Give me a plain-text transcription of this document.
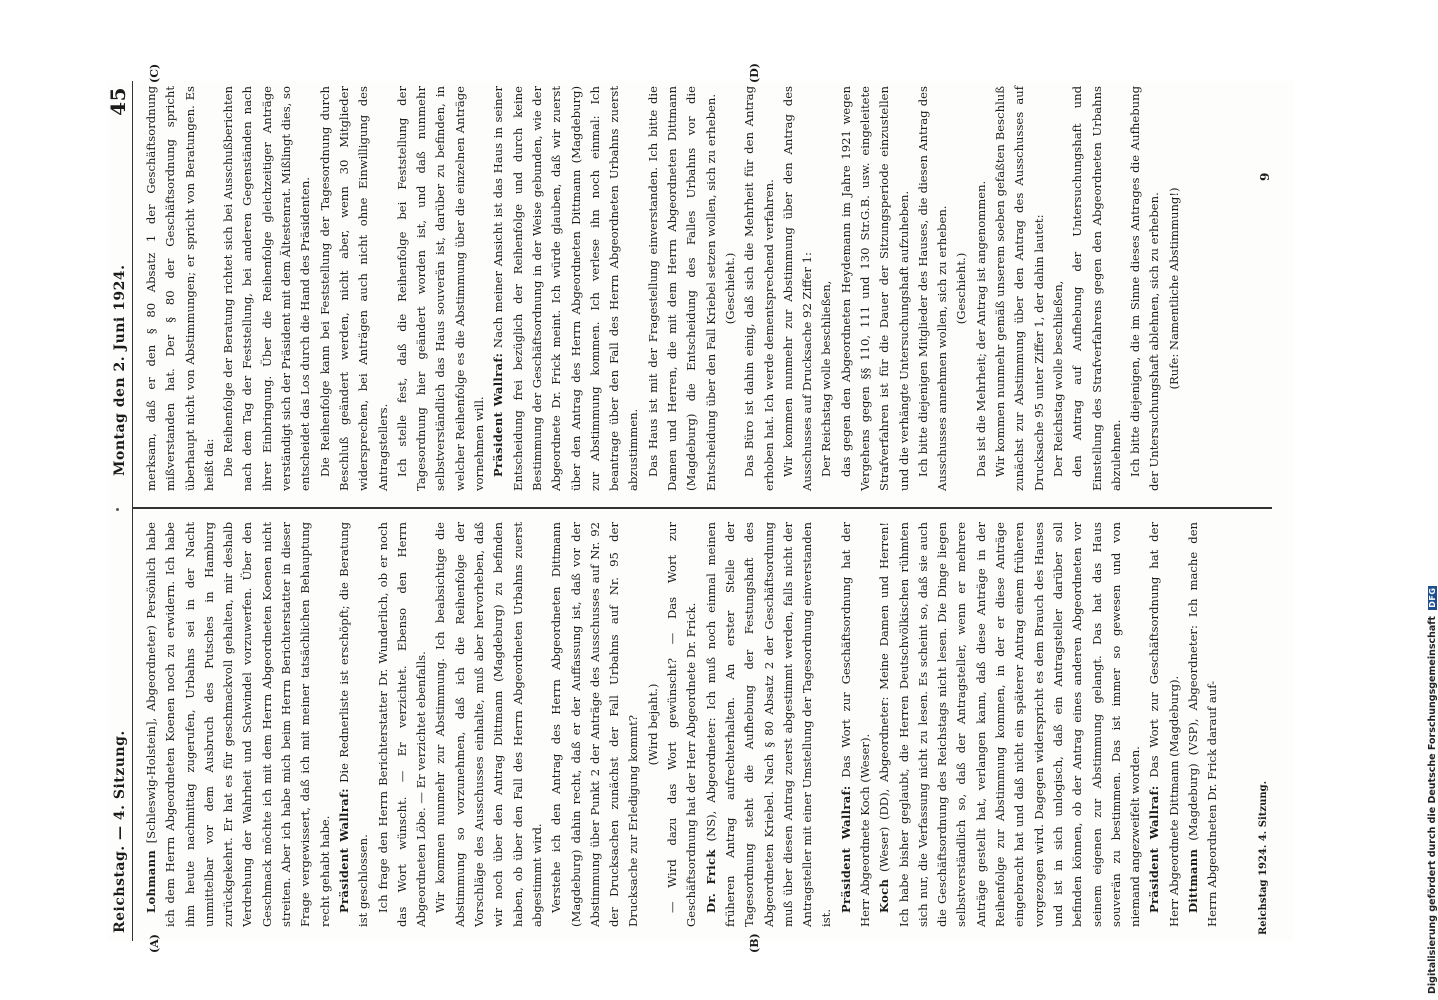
Reichstag. — 4. Sitzung.
Montag den 2. Juni 1924.
45
(A)	(B)
(C)	(D)

Lohmann [Schleswig-Holstein], Abgeordneter) Persönlich habe ich dem Herrn Abgeordneten Koenen noch zu erwidern. Ich habe ihm heute nachmittag zugerufen, Urbahns sei in der Nacht unmittelbar vor dem Ausbruch des Putsches in Hamburg zurückgekehrt. Er hat es für geschmackvoll gehalten, mir deshalb Verdrehung der Wahrheit und Schwindel vorzuwerfen. Über den Geschmack möchte ich mit dem Herrn Abgeordneten Koenen nicht streiten. Aber ich habe mich beim Herrn Berichterstatter in dieser Frage vergewissert, daß ich mit meiner tatsächlichen Behauptung recht gehabt habe. Präsident Wallraf: Die Rednerliste ist erschöpft; die Beratung ist geschlossen. Ich frage den Herrn Berichterstatter Dr. Wunderlich, ob er noch das Wort wünscht. — Er verzichtet. Ebenso den Herrn Abgeordneten Löbe. — Er verzichtet ebenfalls. Wir kommen nunmehr zur Abstimmung. Ich beabsichtige die Abstimmung so vorzunehmen, daß ich die Reihenfolge der Vorschläge des Ausschusses einhalte, muß aber hervorheben, daß wir noch über den Antrag Dittmann (Magdeburg) zu befinden haben, ob über den Fall des Herrn Abgeordneten Urbahns zuerst abgestimmt wird. Verstehe ich den Antrag des Herrn Abgeordneten Dittmann (Magdeburg) dahin recht, daß er der Auffassung ist, daß vor der Abstimmung über Punkt 2 der Anträge des Ausschusses auf Nr. 92 der Drucksachen zunächst der Fall Urbahns auf Nr. 95 der Drucksache zur Erledigung kommt? (Wird bejaht.) — Wird dazu das Wort gewünscht? — Das Wort zur Geschäftsordnung hat der Herr Abgeordnete Dr. Frick. Dr. Frick (NS), Abgeordneter: Ich muß noch einmal meinen früheren Antrag aufrechterhalten. An erster Stelle der Tagesordnung steht die Aufhebung der Festungshaft des Abgeordneten Kriebel. Nach § 80 Absatz 2 der Geschäftsordnung muß über diesen Antrag zuerst abgestimmt werden, falls nicht der Antragsteller mit einer Umstellung der Tagesordnung einverstanden ist.

Präsident Wallraf: Das Wort zur Geschäftsordnung hat der Herr Abgeordnete Koch (Weser). Koch (Weser) (DD), Abgeordneter: Meine Damen und Herren! Ich habe bisher geglaubt, die Herren Deutschvölkischen rühmten sich nur, die Verfassung nicht zu lesen. Es scheint so, daß sie auch die Geschäftsordnung des Reichstags nicht lesen. Die Dinge liegen selbstverständlich so, daß der Antragsteller, wenn er mehrere Anträge gestellt hat, verlangen kann, daß diese Anträge in der Reihenfolge zur Abstimmung kommen, in der er diese Anträge eingebracht hat und daß nicht ein späterer Antrag einem früheren vorgezogen wird. Dagegen widerspricht es dem Brauch des Hauses und ist in sich unlogisch, daß ein Antragsteller darüber soll befinden können, ob der Antrag eines anderen Abgeordneten vor seinem eigenen zur Abstimmung gelangt. Das hat das Haus souverän zu bestimmen. Das ist immer so gewesen und von niemand angezweifelt worden. Präsident Wallraf: Das Wort zur Geschäftsordnung hat der Herr Abgeordnete Dittmann (Magdeburg). Dittmann (Magdeburg) (VSP), Abgeordneter: Ich mache den Herrn Abgeordneten Dr. Frick darauf auf-

merksam, daß er den § 80 Absatz 1 der Geschäftsordnung mißverstanden hat. Der § 80 der Geschäftsordnung spricht überhaupt nicht von Abstimmungen; er spricht von Beratungen. Es heißt da: Die Reihenfolge der Beratung richtet sich bei Ausschußberichten nach dem Tag der Feststellung, bei anderen Gegenständen nach ihrer Einbringung. Über die Reihenfolge gleichzeitiger Anträge verständigt sich der Präsident mit dem Ältestenrat. Mißlingt dies, so entscheidet das Los durch die Hand des Präsidenten. Die Reihenfolge kann bei Feststellung der Tagesordnung durch Beschluß geändert werden, nicht aber, wenn 30 Mitglieder widersprechen, bei Anträgen auch nicht ohne Einwilligung des Antragstellers. Ich stelle fest, daß die Reihenfolge bei Feststellung der Tagesordnung hier geändert worden ist, und daß nunmehr selbstverständlich das Haus souverän ist, darüber zu befinden, in welcher Reihenfolge es die Abstimmung über die einzelnen Anträge vornehmen will. Präsident Wallraf: Nach meiner Ansicht ist das Haus in seiner Entscheidung frei bezüglich der Reihenfolge und durch keine Bestimmung der Geschäftsordnung in der Weise gebunden, wie der Abgeordnete Dr. Frick meint. Ich würde glauben, daß wir zuerst über den Antrag des Herrn Abgeordneten Dittmann (Magdeburg) zur Abstimmung kommen. Ich verlese ihn noch einmal: Ich beantrage über den Fall des Herrn Abgeordneten Urbahns zuerst abzustimmen. Das Haus ist mit der Fragestellung einverstanden. Ich bitte die Damen und Herren, die mit dem Herrn Abgeordneten Dittmann (Magdeburg) die Entscheidung des Falles Urbahns vor die Entscheidung über den Fall Kriebel setzen wollen, sich zu erheben. (Geschieht.) Das Büro ist dahin einig, daß sich die Mehrheit für den Antrag erhoben hat. Ich werde dementsprechend verfahren. Wir kommen nunmehr zur Abstimmung über den Antrag des Ausschusses auf Drucksache 92 Ziffer 1: Der Reichstag wolle beschließen, das gegen den Abgeordneten Heydemann im Jahre 1921 wegen Vergehens gegen §§ 110, 111 und 130 Str.G.B. usw. eingeleitete Strafverfahren ist für die Dauer der Sitzungsperiode einzustellen und die verhängte Untersuchungshaft aufzuheben. Ich bitte diejenigen Mitglieder des Hauses, die diesen Antrag des Ausschusses annehmen wollen, sich zu erheben. (Geschieht.) Das ist die Mehrheit; der Antrag ist angenommen. Wir kommen nunmehr gemäß unserem soeben gefaßten Beschluß zunächst zur Abstimmung über den Antrag des Ausschusses auf Drucksache 95 unter Ziffer 1, der dahin lautet: Der Reichstag wolle beschließen, den Antrag auf Aufhebung der Untersuchungshaft und Einstellung des Strafverfahrens gegen den Abgeordneten Urbahns abzulehnen. Ich bitte diejenigen, die im Sinne dieses Antrages die Aufhebung der Untersuchungshaft ablehnen, sich zu erheben. (Rufe: Namentliche Abstimmung!)

Reichstag 1924. 4. Sitzung.
9
Digitalisierung gefördert durch die Deutsche Forschungsgemeinschaft DFG
